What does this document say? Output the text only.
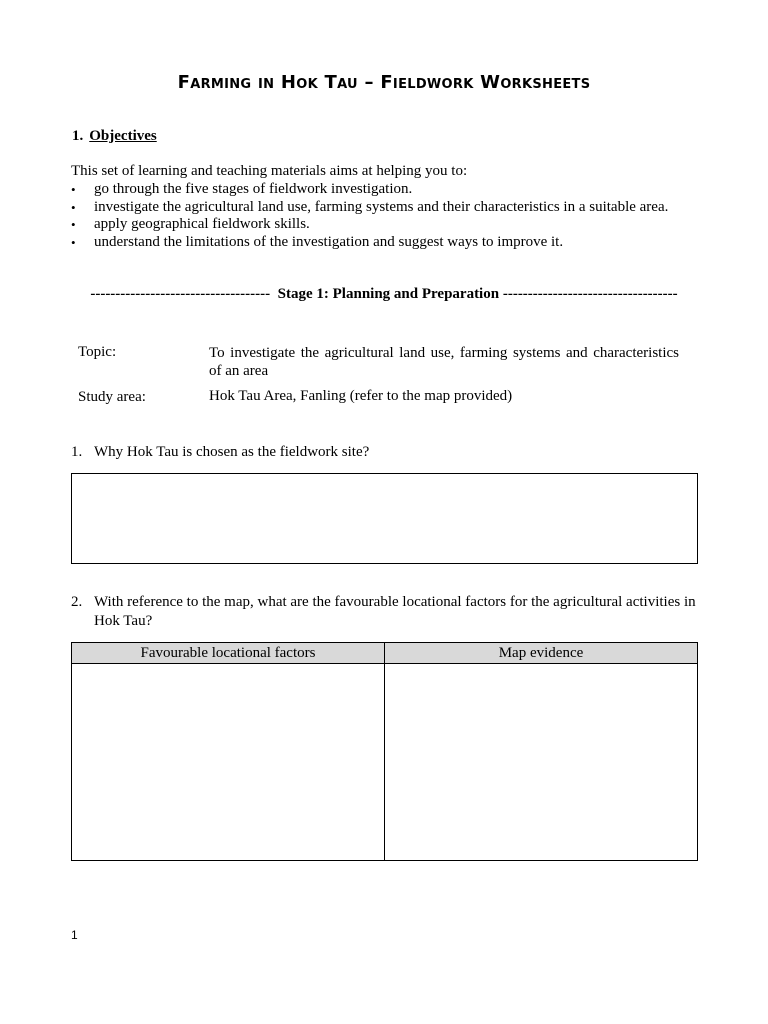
Farming in Hok Tau – Fieldwork Worksheets
1. Objectives
This set of learning and teaching materials aims at helping you to:
• go through the five stages of fieldwork investigation.
• investigate the agricultural land use, farming systems and their characteristics in a suitable area.
• apply geographical fieldwork skills.
• understand the limitations of the investigation and suggest ways to improve it.
------------------------------------ Stage 1: Planning and Preparation -----------------------------------
Topic:	To investigate the agricultural land use, farming systems and characteristics of an area
Study area:	Hok Tau Area, Fanling (refer to the map provided)
1. Why Hok Tau is chosen as the fieldwork site?
2. With reference to the map, what are the favourable locational factors for the agricultural activities in Hok Tau?
Favourable locational factors	Map evidence

1
